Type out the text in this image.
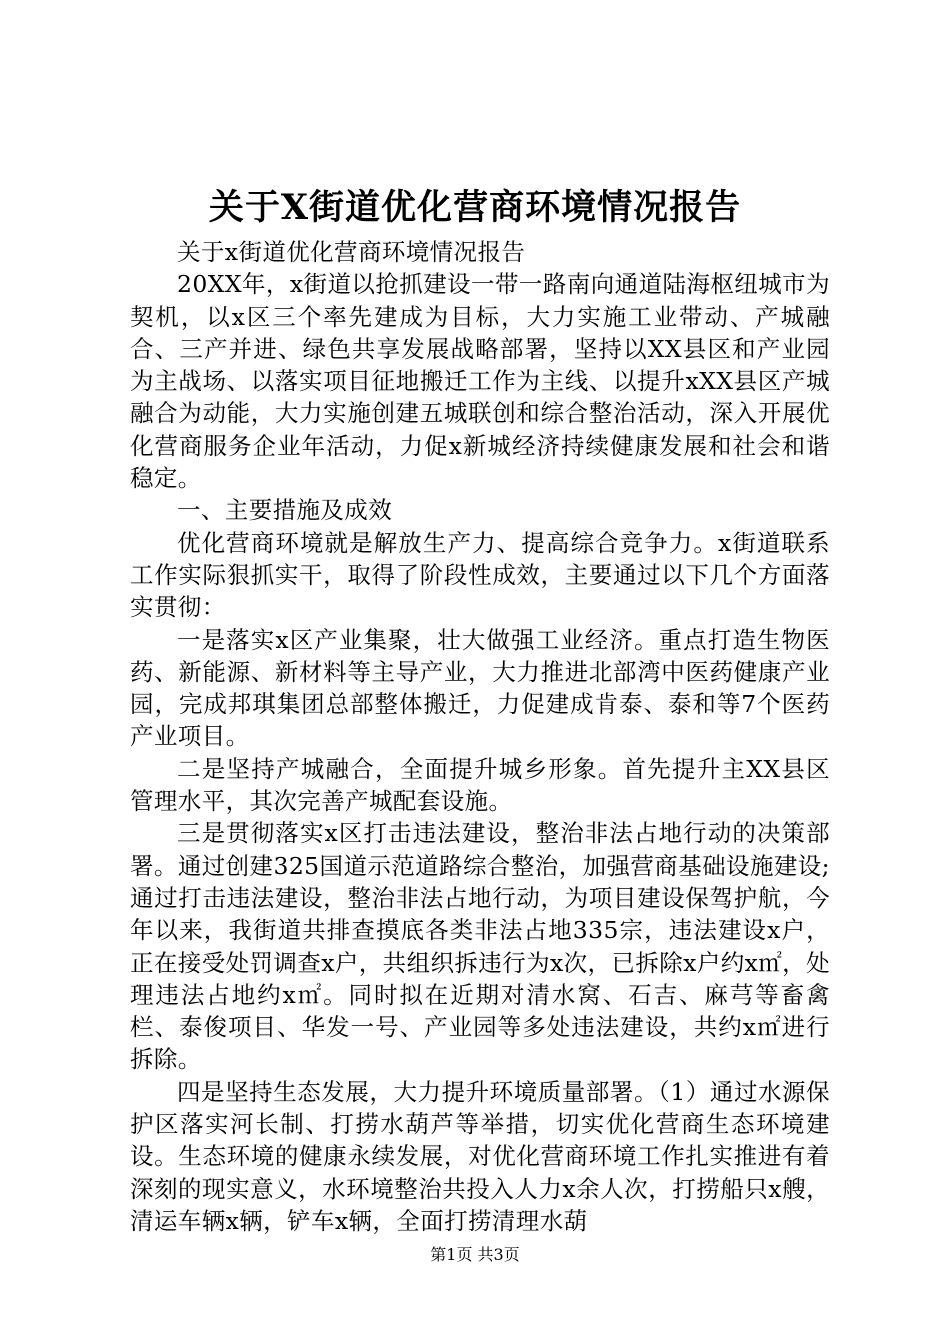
关于X街道优化营商环境情况报告

关于x街道优化营商环境情况报告

20XX年，x街道以抢抓建设一带一路南向通道陆海枢纽城市为契机，以x区三个率先建成为目标，大力实施工业带动、产城融合、三产并进、绿色共享发展战略部署，坚持以XX县区和产业园为主战场、以落实项目征地搬迁工作为主线、以提升xXX县区产城融合为动能，大力实施创建五城联创和综合整治活动，深入开展优化营商服务企业年活动，力促x新城经济持续健康发展和社会和谐稳定。

一、主要措施及成效

优化营商环境就是解放生产力、提高综合竞争力。x街道联系工作实际狠抓实干，取得了阶段性成效，主要通过以下几个方面落实贯彻：

一是落实x区产业集聚，壮大做强工业经济。重点打造生物医药、新能源、新材料等主导产业，大力推进北部湾中医药健康产业园，完成邦琪集团总部整体搬迁，力促建成肯泰、泰和等7个医药产业项目。

二是坚持产城融合，全面提升城乡形象。首先提升主XX县区管理水平，其次完善产城配套设施。

三是贯彻落实x区打击违法建设，整治非法占地行动的决策部署。通过创建325国道示范道路综合整治，加强营商基础设施建设;通过打击违法建设，整治非法占地行动，为项目建设保驾护航，今年以来，我街道共排查摸底各类非法占地335宗，违法建设x户，正在接受处罚调查x户，共组织拆违行为x次，已拆除x户约x㎡，处理违法占地约x㎡。同时拟在近期对清水窝、石吉、麻芎等畜禽栏、泰俊项目、华发一号、产业园等多处违法建设，共约x㎡进行拆除。

四是坚持生态发展，大力提升环境质量部署。（1）通过水源保护区落实河长制、打捞水葫芦等举措，切实优化营商生态环境建设。生态环境的健康永续发展，对优化营商环境工作扎实推进有着深刻的现实意义，水环境整治共投入人力x余人次，打捞船只x艘，清运车辆x辆，铲车x辆，全面打捞清理水葫

第1页 共3页
